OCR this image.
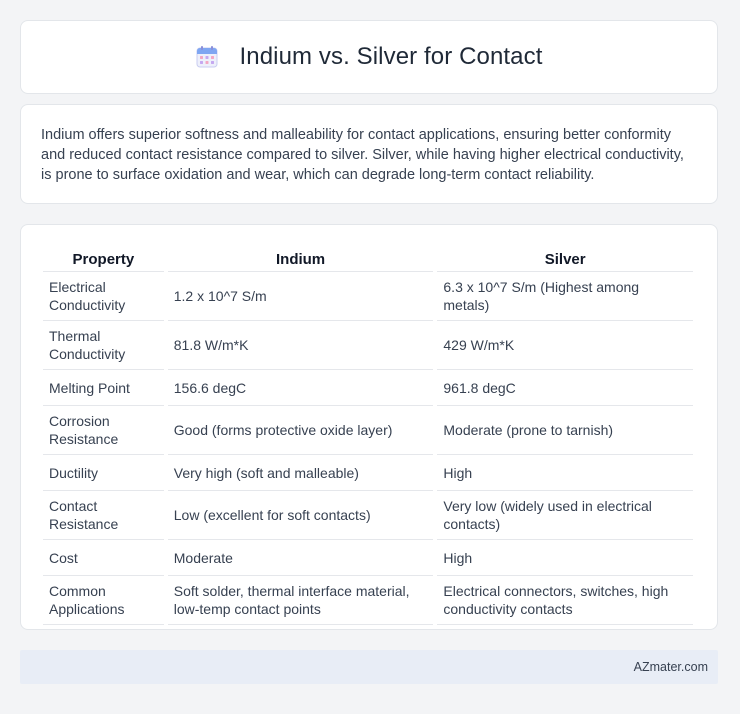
Indium vs. Silver for Contact

Indium offers superior softness and malleability for contact applications, ensuring better conformity and reduced contact resistance compared to silver. Silver, while having higher electrical conductivity, is prone to surface oxidation and wear, which can degrade long-term contact reliability.

Property	Indium	Silver
Electrical Conductivity	1.2 x 10^7 S/m	6.3 x 10^7 S/m (Highest among metals)
Thermal Conductivity	81.8 W/m*K	429 W/m*K
Melting Point	156.6 degC	961.8 degC
Corrosion Resistance	Good (forms protective oxide layer)	Moderate (prone to tarnish)
Ductility	Very high (soft and malleable)	High
Contact Resistance	Low (excellent for soft contacts)	Very low (widely used in electrical contacts)
Cost	Moderate	High
Common Applications	Soft solder, thermal interface material, low-temp contact points	Electrical connectors, switches, high conductivity contacts
AZmater.com
